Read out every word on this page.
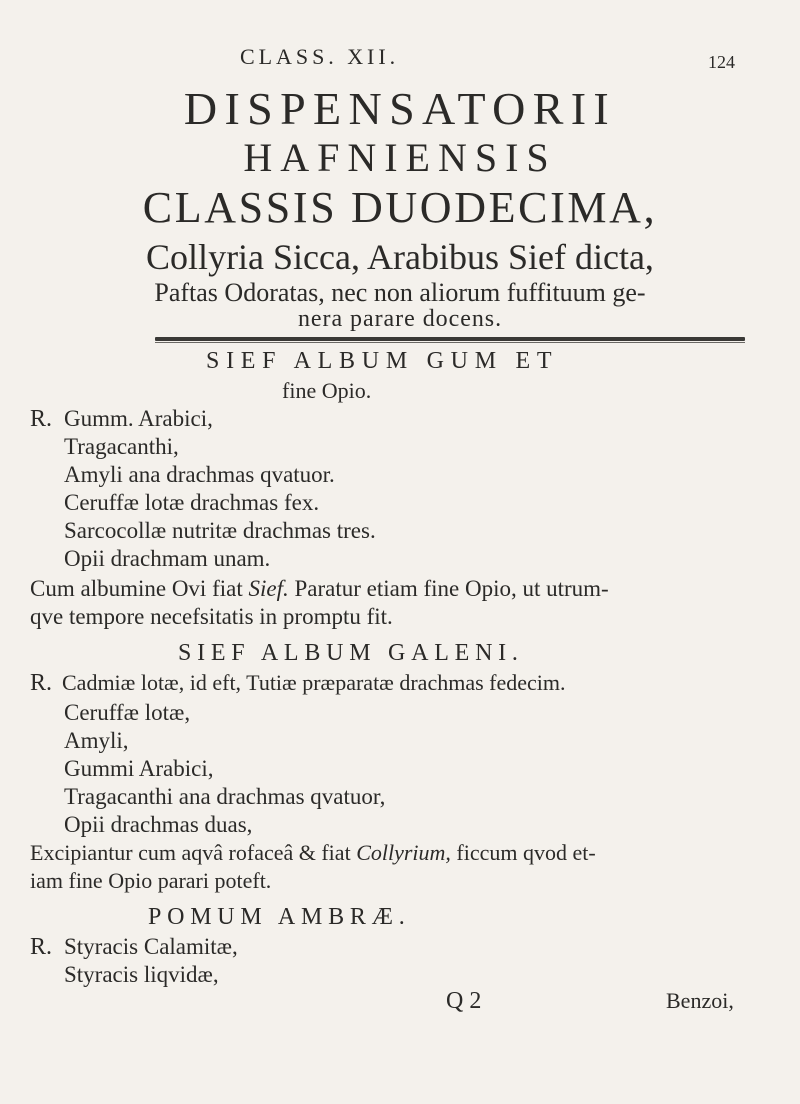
CLASS. XII.	124
DISPENSATORII
HAFNIENSIS
CLASSIS DUODECIMA,
Collyria Sicca, Arabibus Sief dicta,
Paftas Odoratas, nec non aliorum fuffituum ge-
nera parare docens.
SIEF ALBUM GUM ET
fine Opio.
R. Gumm. Arabici,
Tragacanthi,
Amyli ana drachmas qvatuor.
Ceruffæ lotæ drachmas fex.
Sarcocollæ nutritæ drachmas tres.
Opii drachmam unam.
Cum albumine Ovi fiat Sief. Paratur etiam fine Opio, ut utrum-
qve tempore necefsitatis in promptu fit.
SIEF ALBUM GALENI.
R. Cadmiæ lotæ, id eft, Tutiæ præparatæ drachmas fedecim.
Ceruffæ lotæ,
Amyli,
Gummi Arabici,
Tragacanthi ana drachmas qvatuor,
Opii drachmas duas,
Excipiantur cum aqvâ rofaceâ & fiat Collyrium, ficcum qvod et-
iam fine Opio parari poteft.
POMUM AMBRÆ.
R. Styracis Calamitæ,
Styracis liqvidæ,
Q 2	Benzoi,
